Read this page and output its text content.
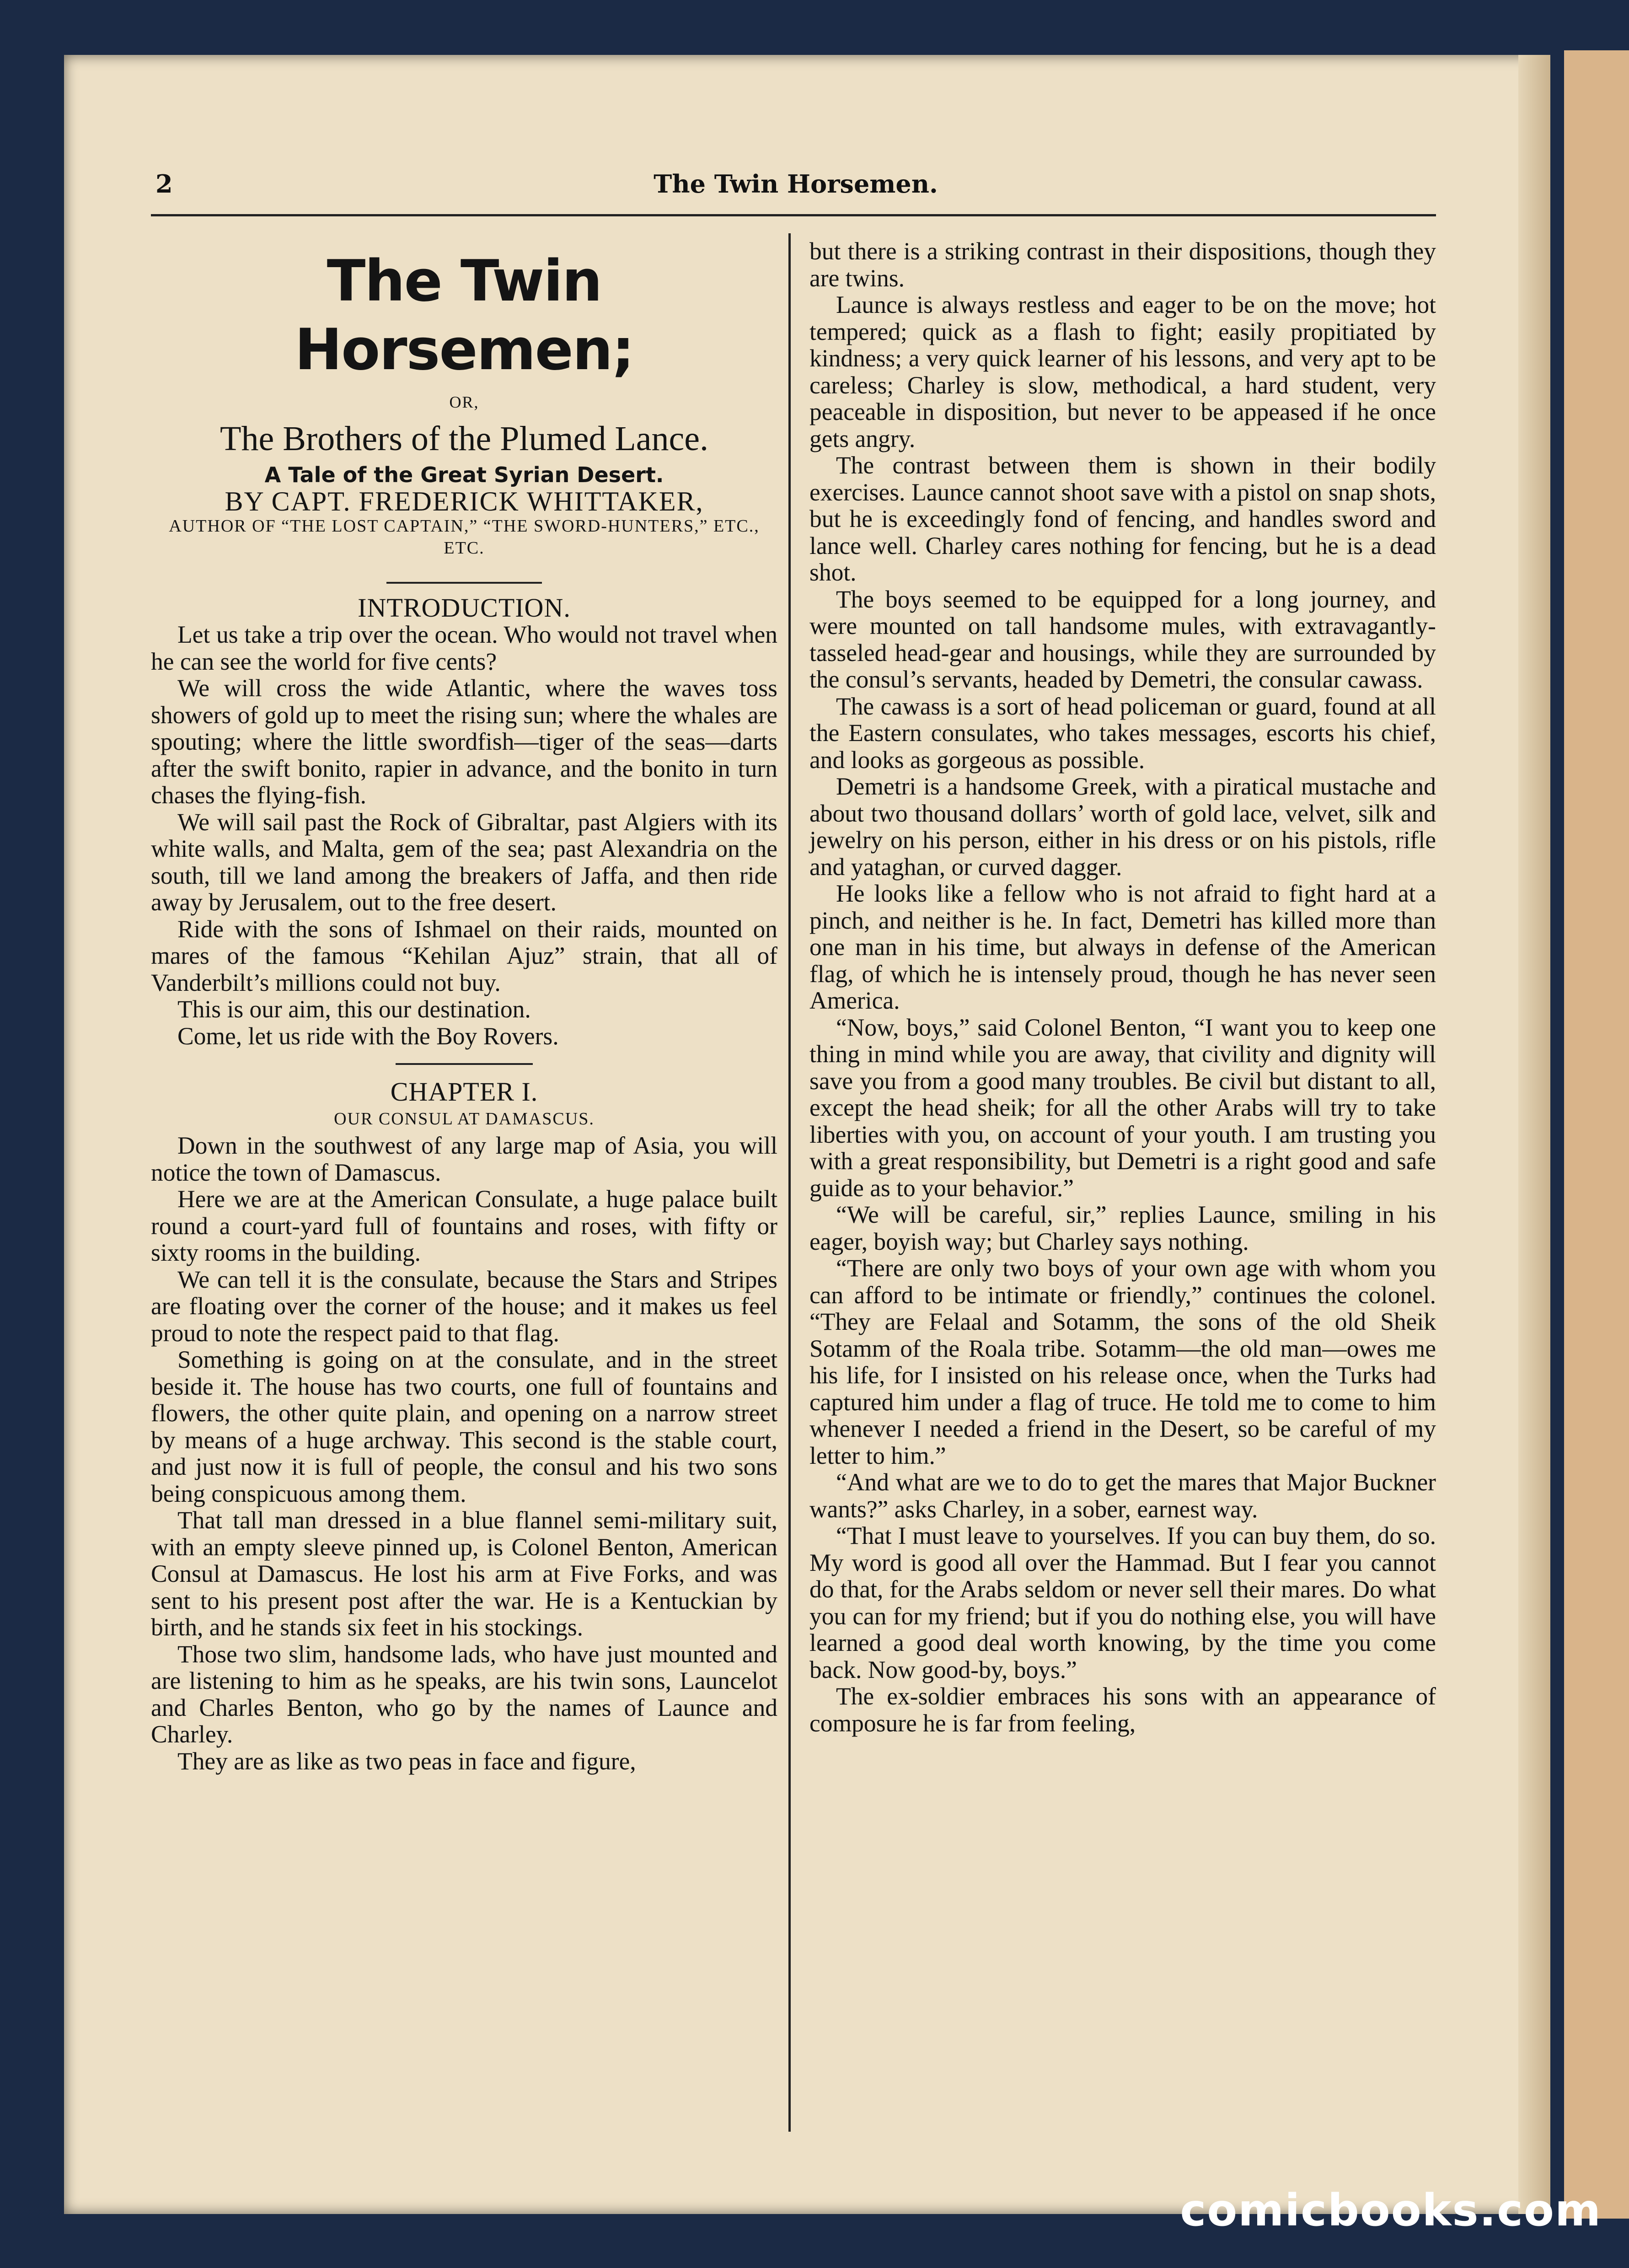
2	The Twin Horsemen.
The Twin Horsemen;

OR,

The Brothers of the Plumed Lance.

A Tale of the Great Syrian Desert.

BY CAPT. FREDERICK WHITTAKER,

AUTHOR OF “THE LOST CAPTAIN,” “THE SWORD-HUNTERS,” ETC., ETC.

INTRODUCTION.

Let us take a trip over the ocean. Who would not travel when he can see the world for five cents?

We will cross the wide Atlantic, where the waves toss showers of gold up to meet the rising sun; where the whales are spouting; where the little swordfish—tiger of the seas—darts after the swift bonito, rapier in advance, and the bonito in turn chases the flying-fish.

We will sail past the Rock of Gibraltar, past Algiers with its white walls, and Malta, gem of the sea; past Alexandria on the south, till we land among the breakers of Jaffa, and then ride away by Jerusalem, out to the free desert.

Ride with the sons of Ishmael on their raids, mounted on mares of the famous “Kehilan Ajuz” strain, that all of Vanderbilt’s millions could not buy.

This is our aim, this our destination.

Come, let us ride with the Boy Rovers.

CHAPTER I.

OUR CONSUL AT DAMASCUS.

Down in the southwest of any large map of Asia, you will notice the town of Damascus.

Here we are at the American Consulate, a huge palace built round a court-yard full of fountains and roses, with fifty or sixty rooms in the building.

We can tell it is the consulate, because the Stars and Stripes are floating over the corner of the house; and it makes us feel proud to note the respect paid to that flag.

Something is going on at the consulate, and in the street beside it. The house has two courts, one full of fountains and flowers, the other quite plain, and opening on a narrow street by means of a huge archway. This second is the stable court, and just now it is full of people, the consul and his two sons being conspicuous among them.

That tall man dressed in a blue flannel semi-military suit, with an empty sleeve pinned up, is Colonel Benton, American Consul at Damascus. He lost his arm at Five Forks, and was sent to his present post after the war. He is a Kentuckian by birth, and he stands six feet in his stockings.

Those two slim, handsome lads, who have just mounted and are listening to him as he speaks, are his twin sons, Launcelot and Charles Benton, who go by the names of Launce and Charley.

They are as like as two peas in face and figure,

but there is a striking contrast in their dispositions, though they are twins.

Launce is always restless and eager to be on the move; hot tempered; quick as a flash to fight; easily propitiated by kindness; a very quick learner of his lessons, and very apt to be careless; Charley is slow, methodical, a hard student, very peaceable in disposition, but never to be appeased if he once gets angry.

The contrast between them is shown in their bodily exercises. Launce cannot shoot save with a pistol on snap shots, but he is exceedingly fond of fencing, and handles sword and lance well. Charley cares nothing for fencing, but he is a dead shot.

The boys seemed to be equipped for a long journey, and were mounted on tall handsome mules, with extravagantly-tasseled head-gear and housings, while they are surrounded by the consul’s servants, headed by Demetri, the consular cawass.

The cawass is a sort of head policeman or guard, found at all the Eastern consulates, who takes messages, escorts his chief, and looks as gorgeous as possible.

Demetri is a handsome Greek, with a piratical mustache and about two thousand dollars’ worth of gold lace, velvet, silk and jewelry on his person, either in his dress or on his pistols, rifle and yataghan, or curved dagger.

He looks like a fellow who is not afraid to fight hard at a pinch, and neither is he. In fact, Demetri has killed more than one man in his time, but always in defense of the American flag, of which he is intensely proud, though he has never seen America.

“Now, boys,” said Colonel Benton, “I want you to keep one thing in mind while you are away, that civility and dignity will save you from a good many troubles. Be civil but distant to all, except the head sheik; for all the other Arabs will try to take liberties with you, on account of your youth. I am trusting you with a great responsibility, but Demetri is a right good and safe guide as to your behavior.”

“We will be careful, sir,” replies Launce, smiling in his eager, boyish way; but Charley says nothing.

“There are only two boys of your own age with whom you can afford to be intimate or friendly,” continues the colonel. “They are Felaal and Sotamm, the sons of the old Sheik Sotamm of the Roala tribe. Sotamm—the old man—owes me his life, for I insisted on his release once, when the Turks had captured him under a flag of truce. He told me to come to him whenever I needed a friend in the Desert, so be careful of my letter to him.”

“And what are we to do to get the mares that Major Buckner wants?” asks Charley, in a sober, earnest way.

“That I must leave to yourselves. If you can buy them, do so. My word is good all over the Hammad. But I fear you cannot do that, for the Arabs seldom or never sell their mares. Do what you can for my friend; but if you do nothing else, you will have learned a good deal worth knowing, by the time you come back. Now good-by, boys.”

The ex-soldier embraces his sons with an appearance of composure he is far from feeling,

comicbooks.com
